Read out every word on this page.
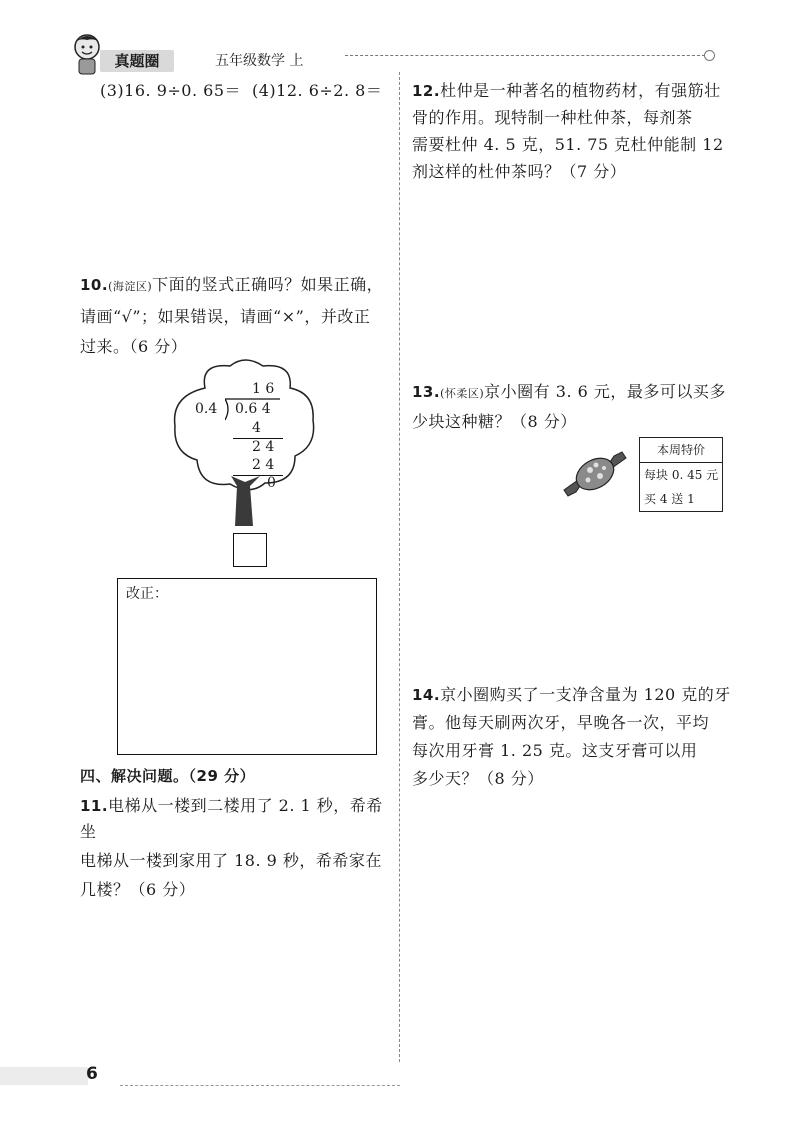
真题圈	五年级数学 上
(3)16. 9÷0. 65＝ (4)12. 6÷2. 8＝
10.(海淀区)下面的竖式正确吗？如果正确，
请画“√”；如果错误，请画“×”，并改正
过来。（6 分）
1 6
0.4 0.6 4
4
2 4
2 4
0
改正：
四、解决问题。（29 分）
11.电梯从一楼到二楼用了 2. 1 秒，希希坐
电梯从一楼到家用了 18. 9 秒，希希家在
几楼？（6 分）
12.杜仲是一种著名的植物药材，有强筋壮
骨的作用。现特制一种杜仲茶，每剂茶
需要杜仲 4. 5 克，51. 75 克杜仲能制 12
剂这样的杜仲茶吗？（7 分）
13.(怀柔区)京小圈有 3. 6 元，最多可以买多
少块这种糖？（8 分）
本周特价
每块 0. 45 元
买 4 送 1
14.京小圈购买了一支净含量为 120 克的牙
膏。他每天刷两次牙，早晚各一次，平均
每次用牙膏 1. 25 克。这支牙膏可以用
多少天？（8 分）
6
